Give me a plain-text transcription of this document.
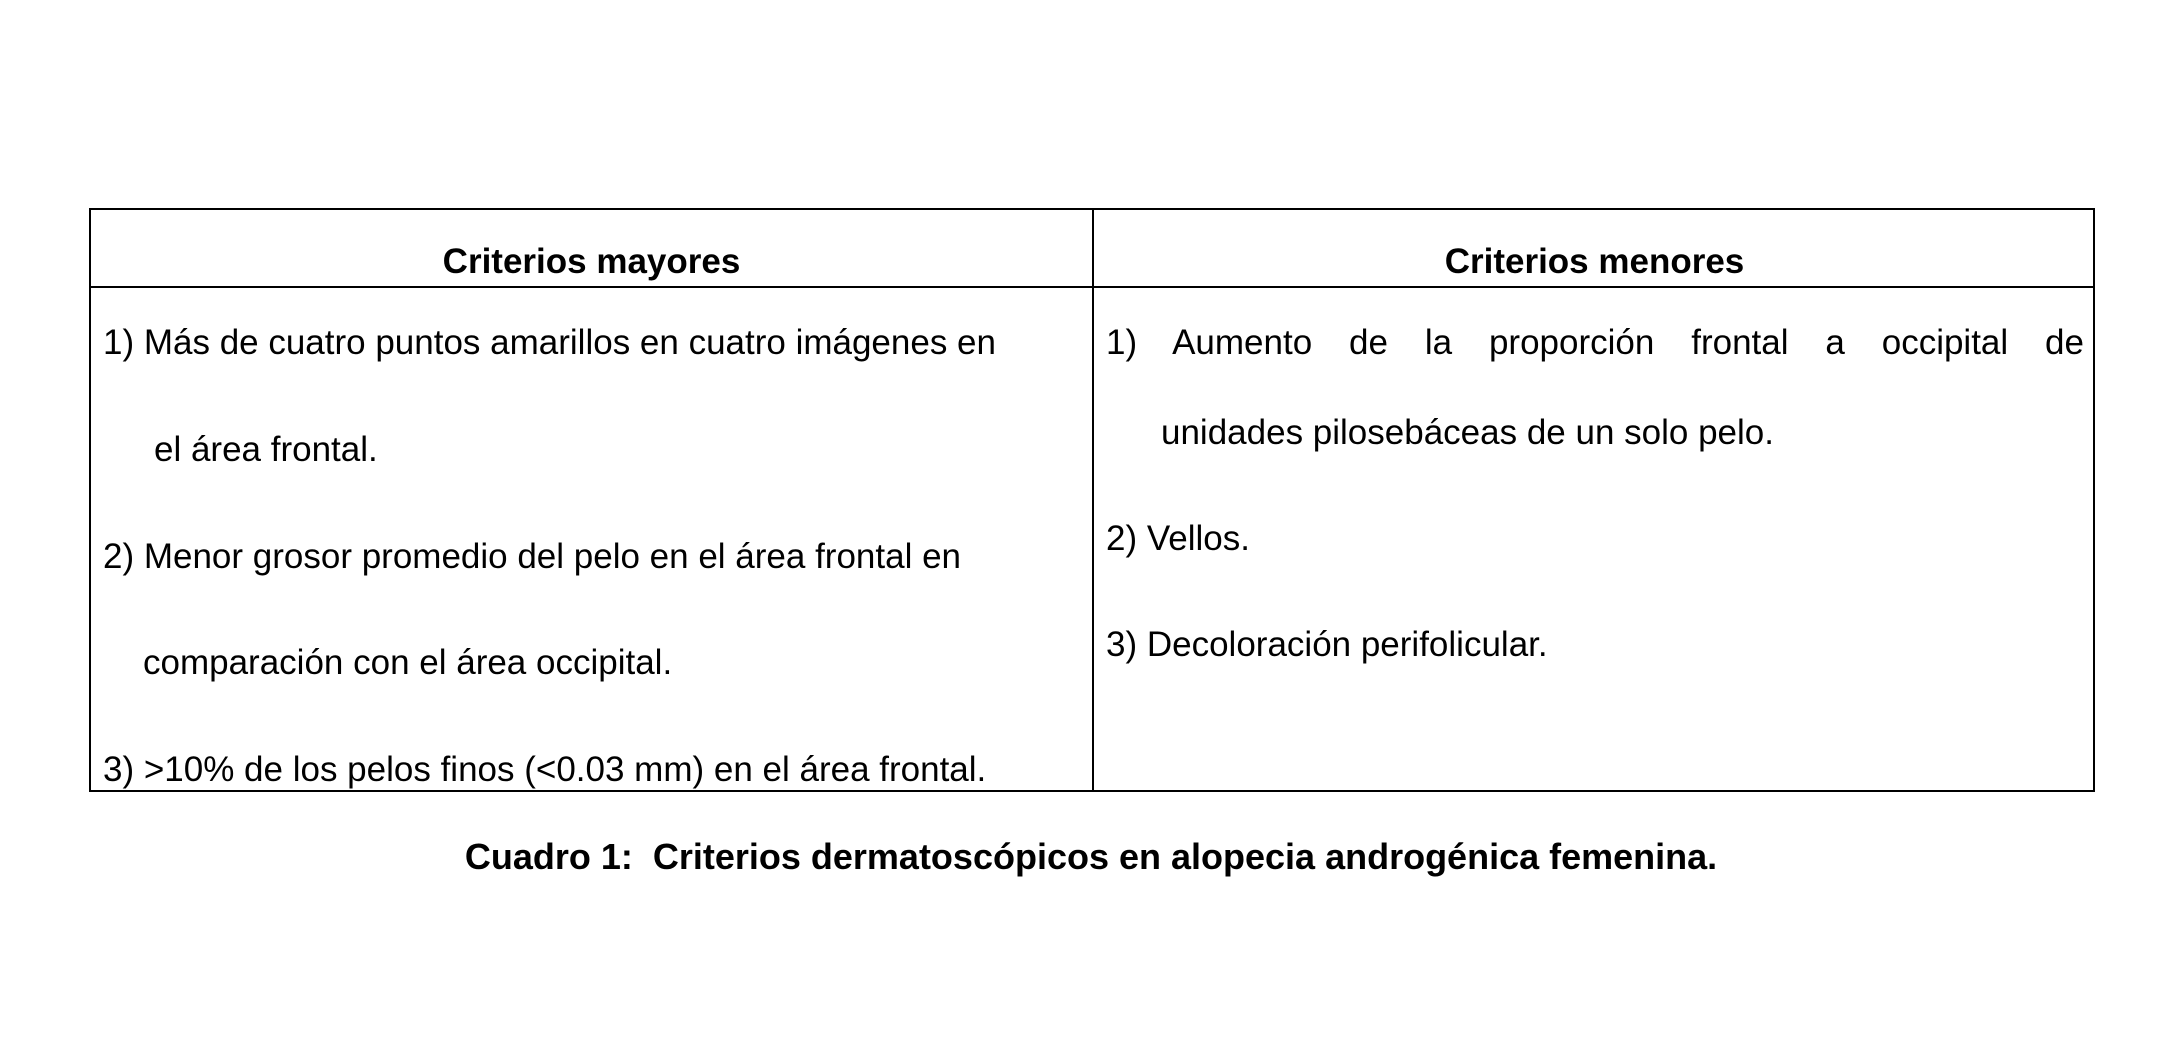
Criterios mayores	Criterios menores
1) Más de cuatro puntos amarillos en cuatro imágenes en
el área frontal.
2) Menor grosor promedio del pelo en el área frontal en
comparación con el área occipital.
3) >10% de los pelos finos (<0.03 mm) en el área frontal.
1) Aumento de la proporción frontal a occipital de
unidades pilosebáceas de un solo pelo.
2) Vellos.
3) Decoloración perifolicular.
Cuadro 1:  Criterios dermatoscópicos en alopecia androgénica femenina.
